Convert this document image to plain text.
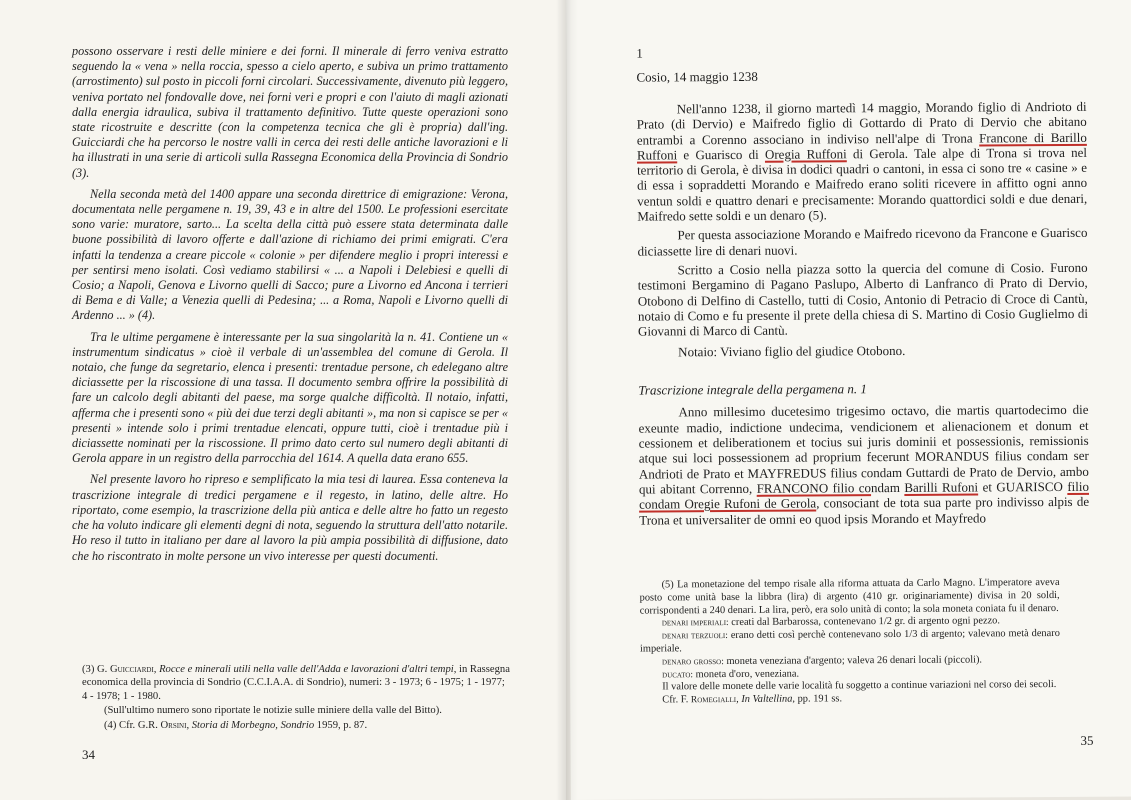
possono osservare i resti delle miniere e dei forni. Il minerale di ferro veniva estratto seguendo la « vena » nella roccia, spesso a cielo aperto, e subiva un primo trattamento (arrostimento) sul posto in piccoli forni circolari. Successivamente, divenuto più leggero, veniva portato nel fondovalle dove, nei forni veri e propri e con l'aiuto di magli azionati dalla energia idraulica, subiva il trattamento definitivo. Tutte queste operazioni sono state ricostruite e descritte (con la competenza tecnica che gli è propria) dall'ing. Guicciardi che ha percorso le nostre valli in cerca dei resti delle antiche lavorazioni e li ha illustrati in una serie di articoli sulla Rassegna Economica della Provincia di Sondrio (3).

Nella seconda metà del 1400 appare una seconda direttrice di emigrazione: Verona, documentata nelle pergamene n. 19, 39, 43 e in altre del 1500. Le professioni esercitate sono varie: muratore, sarto... La scelta della città può essere stata determinata dalle buone possibilità di lavoro offerte e dall'azione di richiamo dei primi emigrati. C'era infatti la tendenza a creare piccole « colonie » per difendere meglio i propri interessi e per sentirsi meno isolati. Così vediamo stabilirsi « ... a Napoli i Delebiesi e quelli di Cosio; a Napoli, Genova e Livorno quelli di Sacco; pure a Livorno ed Ancona i terrieri di Bema e di Valle; a Venezia quelli di Pedesina; ... a Roma, Napoli e Livorno quelli di Ardenno ... » (4).

Tra le ultime pergamene è interessante per la sua singolarità la n. 41. Contiene un « instrumentum sindicatus » cioè il verbale di un'assemblea del comune di Gerola. Il notaio, che funge da segretario, elenca i presenti: trentadue persone, ch edelegano altre diciassette per la riscossione di una tassa. Il documento sembra offrire la possibilità di fare un calcolo degli abitanti del paese, ma sorge qualche difficoltà. Il notaio, infatti, afferma che i presenti sono « più dei due terzi degli abitanti », ma non si capisce se per « presenti » intende solo i primi trentadue elencati, oppure tutti, cioè i trentadue più i diciassette nominati per la riscossione. Il primo dato certo sul numero degli abitanti di Gerola appare in un registro della parrocchia del 1614. A quella data erano 655.

Nel presente lavoro ho ripreso e semplificato la mia tesi di laurea. Essa conteneva la trascrizione integrale di tredici pergamene e il regesto, in latino, delle altre. Ho riportato, come esempio, la trascrizione della più antica e delle altre ho fatto un regesto che ha voluto indicare gli elementi degni di nota, seguendo la struttura dell'atto notarile. Ho reso il tutto in italiano per dare al lavoro la più ampia possibilità di diffusione, dato che ho riscontrato in molte persone un vivo interesse per questi documenti.

(3) G. Guicciardi, Rocce e minerali utili nella valle dell'Adda e lavorazioni d'altri tempi, in Rassegna economica della provincia di Sondrio (C.C.I.A.A. di Sondrio), numeri: 3 - 1973; 6 - 1975; 1 - 1977; 4 - 1978; 1 - 1980.

(Sull'ultimo numero sono riportate le notizie sulle miniere della valle del Bitto).

(4) Cfr. G.R. Orsini, Storia di Morbegno, Sondrio 1959, p. 87.

34
1
Cosio, 14 maggio 1238

Nell'anno 1238, il giorno martedì 14 maggio, Morando figlio di Andrioto di Prato (di Dervio) e Maifredo figlio di Gottardo di Prato di Dervio che abitano entrambi a Corenno associano in indiviso nell'alpe di Trona Francone di Barillo Ruffoni e Guarisco di Oregia Ruffoni di Gerola. Tale alpe di Trona si trova nel territorio di Gerola, è divisa in dodici quadri o cantoni, in essa ci sono tre « casine » e di essa i sopraddetti Morando e Maifredo erano soliti ricevere in affitto ogni anno ventun soldi e quattro denari e precisamente: Morando quattordici soldi e due denari, Maifredo sette soldi e un denaro (5).

Per questa associazione Morando e Maifredo ricevono da Francone e Guarisco diciassette lire di denari nuovi.

Scritto a Cosio nella piazza sotto la quercia del comune di Cosio. Furono testimoni Bergamino di Pagano Paslupo, Alberto di Lanfranco di Prato di Dervio, Otobono di Delfino di Castello, tutti di Cosio, Antonio di Petracio di Croce di Cantù, notaio di Como e fu presente il prete della chiesa di S. Martino di Cosio Guglielmo di Giovanni di Marco di Cantù.

Notaio: Viviano figlio del giudice Otobono.
Trascrizione integrale della pergamena n. 1

Anno millesimo ducetesimo trigesimo octavo, die martis quartodecimo die exeunte madio, indictione undecima, vendicionem et alienacionem et donum et cessionem et deliberationem et tocius sui juris dominii et possessionis, remissionis atque sui loci possessionem ad proprium fecerunt MORANDUS filius condam ser Andrioti de Prato et MAYFREDUS filius condam Guttardi de Prato de Dervio, ambo qui abitant Correnno, FRANCONO filio condam Barilli Rufoni et GUARISCO filio condam Oregie Rufoni de Gerola, consociant de tota sua parte pro indivisso alpis de Trona et universaliter de omni eo quod ipsis Morando et Mayfredo

(5) La monetazione del tempo risale alla riforma attuata da Carlo Magno. L'imperatore aveva posto come unità base la libbra (lira) di argento (410 gr. originariamente) divisa in 20 soldi, corrispondenti a 240 denari. La lira, però, era solo unità di conto; la sola moneta coniata fu il denaro.

denari imperiali: creati dal Barbarossa, contenevano 1/2 gr. di argento ogni pezzo.

denari terzuoli: erano detti così perchè contenevano solo 1/3 di argento; valevano metà denaro imperiale.

denaro grosso: moneta veneziana d'argento; valeva 26 denari locali (piccoli).

ducato: moneta d'oro, veneziana.

Il valore delle monete delle varie località fu soggetto a continue variazioni nel corso dei secoli.

Cfr. F. Romegialli, In Valtellina, pp. 191 ss.

35
